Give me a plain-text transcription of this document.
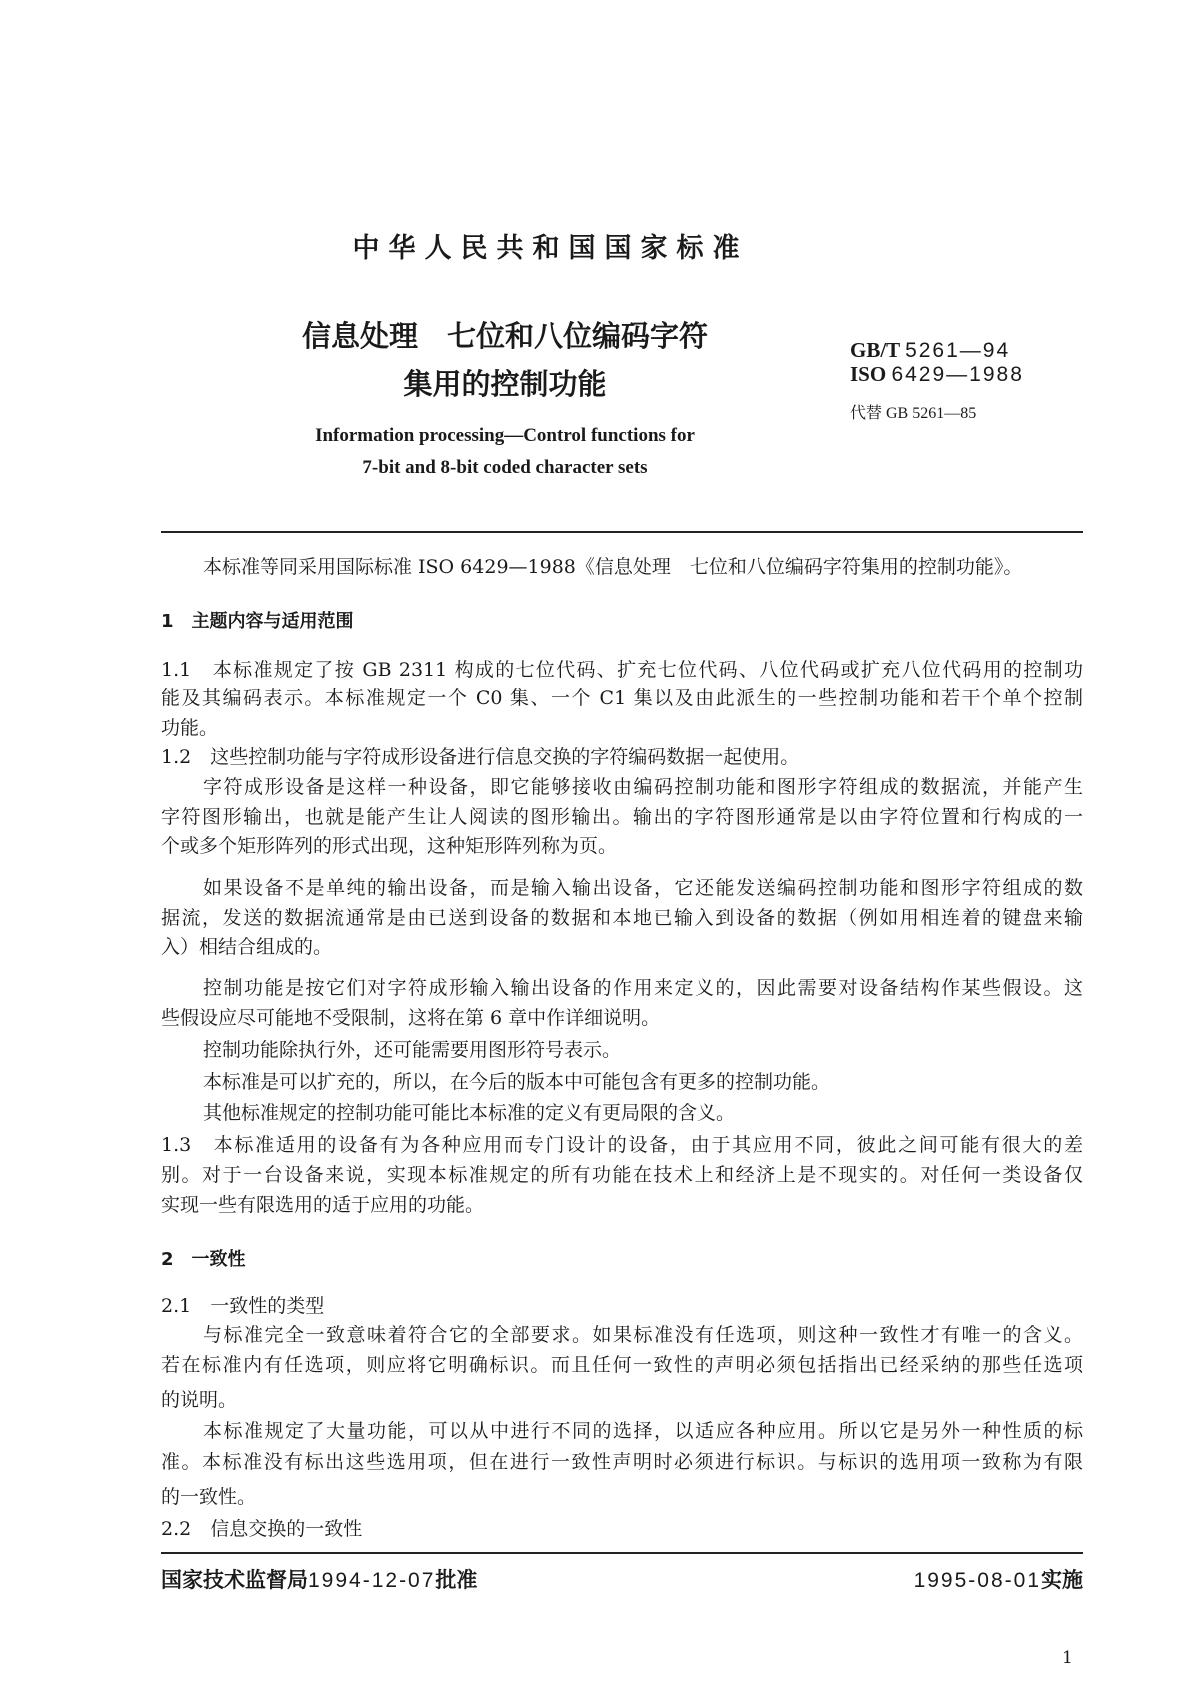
中华人民共和国国家标准
信息处理　七位和八位编码字符
集用的控制功能
GB/T 5261—94
ISO 6429—1988
代替 GB 5261—85
Information processing—Control functions for
7-bit and 8-bit coded character sets
本标准等同采用国际标准 ISO 6429—1988《信息处理　七位和八位编码字符集用的控制功能》。
1　主题内容与适用范围
1.1　本标准规定了按 GB 2311 构成的七位代码、扩充七位代码、八位代码或扩充八位代码用的控制功
能及其编码表示。本标准规定一个 C0 集、一个 C1 集以及由此派生的一些控制功能和若干个单个控制
功能。
1.2　这些控制功能与字符成形设备进行信息交换的字符编码数据一起使用。
字符成形设备是这样一种设备，即它能够接收由编码控制功能和图形字符组成的数据流，并能产生
字符图形输出，也就是能产生让人阅读的图形输出。输出的字符图形通常是以由字符位置和行构成的一
个或多个矩形阵列的形式出现，这种矩形阵列称为页。
如果设备不是单纯的输出设备，而是输入输出设备，它还能发送编码控制功能和图形字符组成的数
据流，发送的数据流通常是由已送到设备的数据和本地已输入到设备的数据（例如用相连着的键盘来输
入）相结合组成的。
控制功能是按它们对字符成形输入输出设备的作用来定义的，因此需要对设备结构作某些假设。这
些假设应尽可能地不受限制，这将在第 6 章中作详细说明。
控制功能除执行外，还可能需要用图形符号表示。
本标准是可以扩充的，所以，在今后的版本中可能包含有更多的控制功能。
其他标准规定的控制功能可能比本标准的定义有更局限的含义。
1.3　本标准适用的设备有为各种应用而专门设计的设备，由于其应用不同，彼此之间可能有很大的差
别。对于一台设备来说，实现本标准规定的所有功能在技术上和经济上是不现实的。对任何一类设备仅
实现一些有限选用的适于应用的功能。
2　一致性
2.1　一致性的类型
与标准完全一致意味着符合它的全部要求。如果标准没有任选项，则这种一致性才有唯一的含义。
若在标准内有任选项，则应将它明确标识。而且任何一致性的声明必须包括指出已经采纳的那些任选项
的说明。
本标准规定了大量功能，可以从中进行不同的选择，以适应各种应用。所以它是另外一种性质的标
准。本标准没有标出这些选用项，但在进行一致性声明时必须进行标识。与标识的选用项一致称为有限
的一致性。
2.2　信息交换的一致性
国家技术监督局1994-12-07批准	1995-08-01实施
1
